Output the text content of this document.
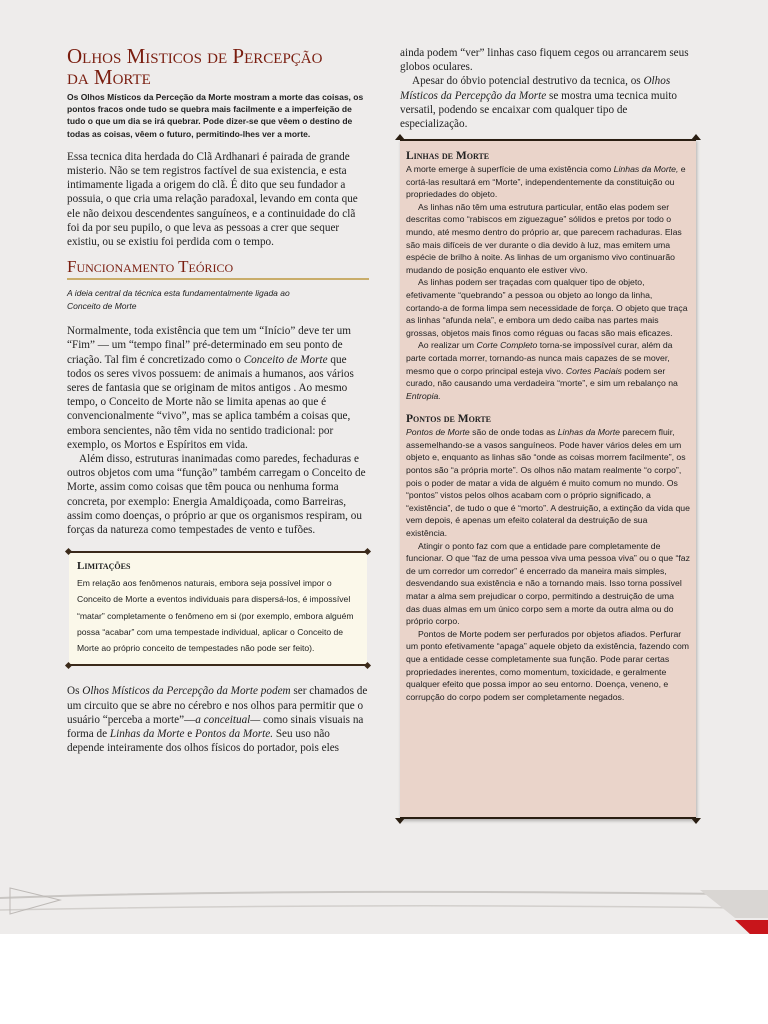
Olhos Misticos de Percepção
da Morte

Os Olhos Místicos da Perceção da Morte mostram a morte das coisas, os pontos fracos onde tudo se quebra mais facilmente e a imperfeição de tudo o que um dia se irá quebrar. Pode dizer-se que vêem o destino de todas as coisas, vêem o futuro, permitindo-lhes ver a morte.

Essa tecnica dita herdada do Clã Ardhanari é pairada de grande misterio. Não se tem registros factível de sua existencia, e esta intimamente ligada a origem do clã. É dito que seu fundador a possuia, o que cria uma relação paradoxal, levando em conta que ele não deixou descendentes sanguíneos, e a continuidade do clã foi da por seu pupilo, o que leva as pessoas a crer que sequer existiu, ou se existiu foi perdida com o tempo.

Funcionamento Teórico

A ideia central da técnica esta fundamentalmente ligada ao
Conceito de Morte

Normalmente, toda existência que tem um “Início” deve ter um “Fim” — um “tempo final” pré-determinado em seu ponto de criação. Tal fim é concretizado como o Conceito de Morte que todos os seres vivos possuem: de animais a humanos, aos vários seres de fantasia que se originam de mitos antigos . Ao mesmo tempo, o Conceito de Morte não se limita apenas ao que é convencionalmente “vivo”, mas se aplica também a coisas que, embora sencientes, não têm vida no sentido tradicional: por exemplo, os Mortos e Espíritos em vida.

Além disso, estruturas inanimadas como paredes, fechaduras e outros objetos com uma “função” também carregam o Conceito de Morte, assim como coisas que têm pouca ou nenhuma forma concreta, por exemplo: Energia Amaldiçoada, como Barreiras, assim como doenças, o próprio ar que os organismos respiram, ou forças da natureza como tempestades de vento e tufões.

Limitações

Em relação aos fenômenos naturais, embora seja possível impor o Conceito de Morte a eventos individuais para dispersá-los, é impossível “matar” completamente o fenômeno em si (por exemplo, embora alguém possa “acabar” com uma tempestade individual, aplicar o Conceito de Morte ao próprio conceito de tempestades não pode ser feito).

Os Olhos Místicos da Percepção da Morte podem ser chamados de um circuito que se abre no cérebro e nos olhos para permitir que o usuário “perceba a morte”—a conceitual— como sinais visuais na forma de Linhas da Morte e Pontos da Morte. Seu uso não depende inteiramente dos olhos físicos do portador, pois eles

ainda podem “ver” linhas caso fiquem cegos ou arrancarem seus globos oculares.

Apesar do óbvio potencial destrutivo da tecnica, os Olhos Místicos da Percepção da Morte se mostra uma tecnica muito versatil, podendo se encaixar com qualquer tipo de especialização.

Linhas de Morte

A morte emerge à superfície de uma existência como Linhas da Morte, e cortá-las resultará em “Morte”, independentemente da constituição ou propriedades do objeto.

As linhas não têm uma estrutura particular, então elas podem ser descritas como “rabiscos em ziguezague” sólidos e pretos por todo o mundo, até mesmo dentro do próprio ar, que parecem rachaduras. Elas são mais difíceis de ver durante o dia devido à luz, mas emitem uma espécie de brilho à noite. As linhas de um organismo vivo continuarão mudando de posição enquanto ele estiver vivo.

As linhas podem ser traçadas com qualquer tipo de objeto, efetivamente “quebrando” a pessoa ou objeto ao longo da linha, cortando-a de forma limpa sem necessidade de força. O objeto que traça as linhas “afunda nela”, e embora um dedo caiba nas partes mais grossas, objetos mais finos como réguas ou facas são mais eficazes.

Ao realizar um Corte Completo torna-se impossível curar, além da parte cortada morrer, tornando-as nunca mais capazes de se mover, mesmo que o corpo principal esteja vivo. Cortes Paciais podem ser curado, não causando uma verdadeira “morte”, e sim um rebalanço na Entropia.

Pontos de Morte

Pontos de Morte são de onde todas as Linhas da Morte parecem fluir, assemelhando-se a vasos sanguíneos. Pode haver vários deles em um objeto e, enquanto as linhas são “onde as coisas morrem facilmente”, os pontos são “a própria morte”. Os olhos não matam realmente “o corpo”, pois o poder de matar a vida de alguém é muito comum no mundo. Os “pontos” vistos pelos olhos acabam com o próprio significado, a “existência”, de tudo o que é “morto”. A destruição, a extinção da vida que vem depois, é apenas um efeito colateral da destruição de sua existência.

Atingir o ponto faz com que a entidade pare completamente de funcionar. O que “faz de uma pessoa viva uma pessoa viva” ou o que “faz de um corredor um corredor” é encerrado da maneira mais simples, desvendando sua existência e não a tornando mais. Isso torna possível matar a alma sem prejudicar o corpo, permitindo a destruição de uma das duas almas em um único corpo sem a morte da outra alma ou do próprio corpo.

Pontos de Morte podem ser perfurados por objetos afiados. Perfurar um ponto efetivamente “apaga” aquele objeto da existência, fazendo com que a entidade cesse completamente sua função. Pode parar certas propriedades inerentes, como momentum, toxicidade, e geralmente qualquer efeito que possa impor ao seu entorno. Doença, veneno, e corrupção do corpo podem ser completamente negados.
